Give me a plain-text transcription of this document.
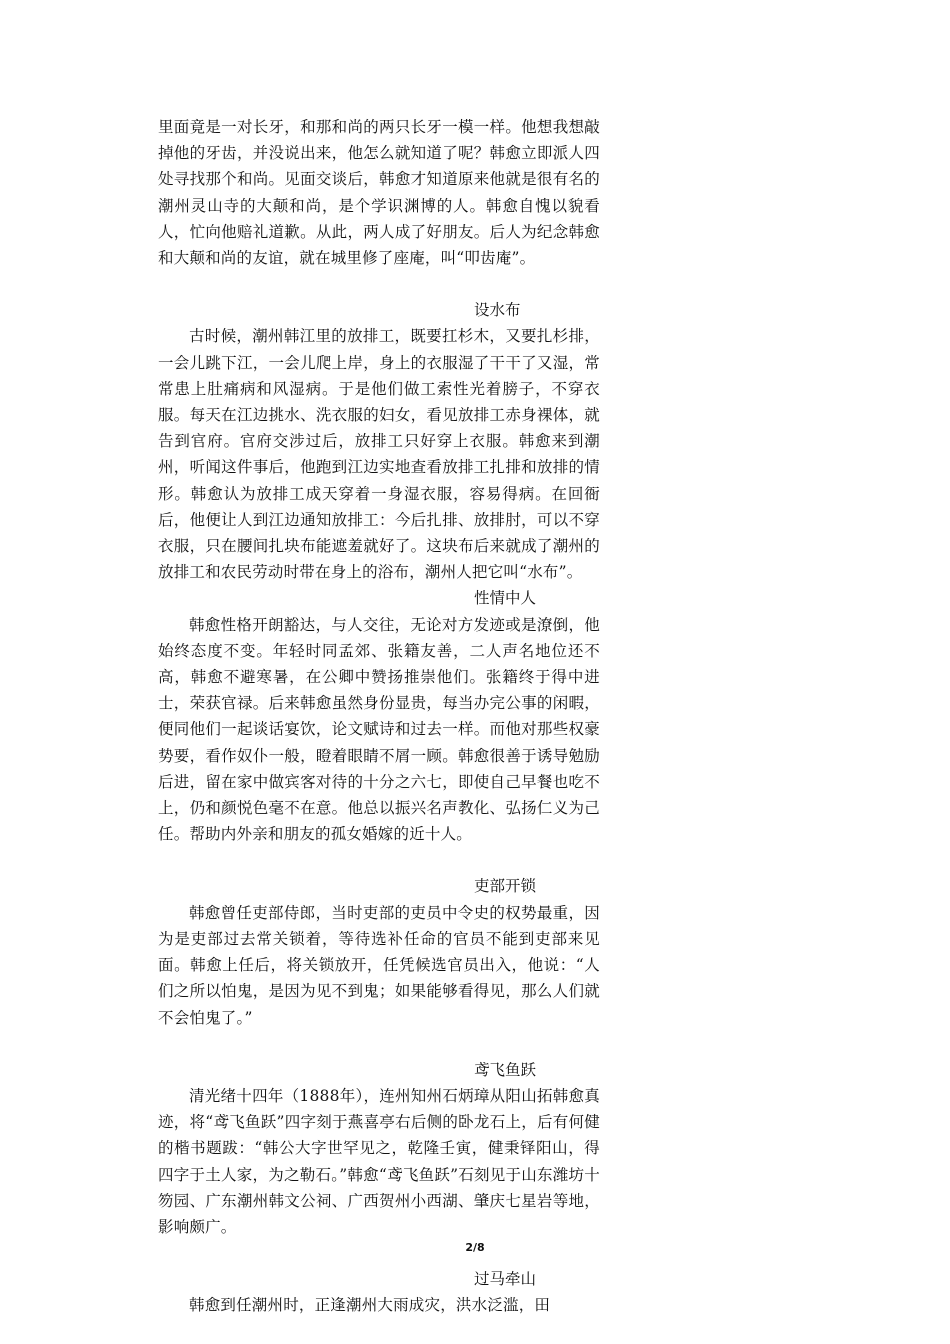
里面竟是一对长牙，和那和尚的两只长牙一模一样。他想我想敲掉他的牙齿，并没说出来，他怎么就知道了呢？韩愈立即派人四处寻找那个和尚。见面交谈后，韩愈才知道原来他就是很有名的潮州灵山寺的大颠和尚，是个学识渊博的人。韩愈自愧以貌看人，忙向他赔礼道歉。从此，两人成了好朋友。后人为纪念韩愈和大颠和尚的友谊，就在城里修了座庵，叫“叩齿庵”。

设水布

古时候，潮州韩江里的放排工，既要扛杉木，又要扎杉排，一会儿跳下江，一会儿爬上岸，身上的衣服湿了干干了又湿，常常患上肚痛病和风湿病。于是他们做工索性光着膀子，不穿衣服。每天在江边挑水、洗衣服的妇女，看见放排工赤身裸体，就告到官府。官府交涉过后，放排工只好穿上衣服。韩愈来到潮州，听闻这件事后，他跑到江边实地查看放排工扎排和放排的情形。韩愈认为放排工成天穿着一身湿衣服，容易得病。在回衙后，他便让人到江边通知放排工：今后扎排、放排肘，可以不穿衣服，只在腰间扎块布能遮羞就好了。这块布后来就成了潮州的放排工和农民劳动时带在身上的浴布，潮州人把它叫“水布”。

性情中人

韩愈性格开朗豁达，与人交往，无论对方发迹或是潦倒，他始终态度不变。年轻时同孟郊、张籍友善，二人声名地位还不高，韩愈不避寒暑，在公卿中赞扬推崇他们。张籍终于得中进士，荣获官禄。后来韩愈虽然身份显贵，每当办完公事的闲暇，便同他们一起谈话宴饮，论文赋诗和过去一样。而他对那些权豪势要，看作奴仆一般，瞪着眼睛不屑一顾。韩愈很善于诱导勉励后进，留在家中做宾客对待的十分之六七，即使自己早餐也吃不上，仍和颜悦色毫不在意。他总以振兴名声教化、弘扬仁义为己任。帮助内外亲和朋友的孤女婚嫁的近十人。

吏部开锁

韩愈曾任吏部侍郎，当时吏部的吏员中令史的权势最重，因为是吏部过去常关锁着，等待选补任命的官员不能到吏部来见面。韩愈上任后，将关锁放开，任凭候选官员出入，他说：“人们之所以怕鬼，是因为见不到鬼；如果能够看得见，那么人们就不会怕鬼了。”

鸢飞鱼跃

清光绪十四年（1888年），连州知州石炳璋从阳山拓韩愈真迹，将“鸢飞鱼跃”四字刻于燕喜亭右后侧的卧龙石上，后有何健的楷书题跋：“韩公大字世罕见之，乾隆壬寅，健秉铎阳山，得四字于土人家，为之勒石。”韩愈“鸢飞鱼跃”石刻见于山东潍坊十笏园、广东潮州韩文公祠、广西贺州小西湖、肇庆七星岩等地，影响颇广。

过马牵山

韩愈到任潮州时，正逢潮州大雨成灾，洪水泛滥，田

2/8
